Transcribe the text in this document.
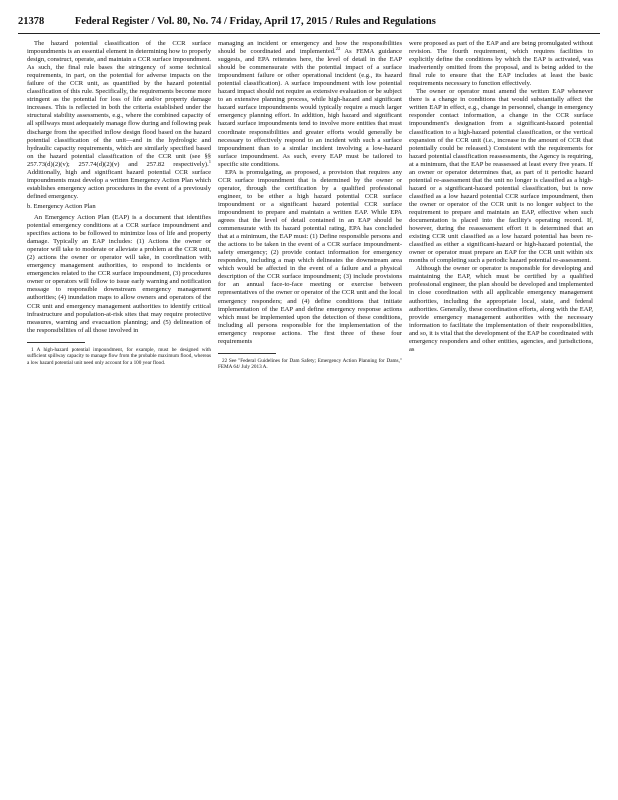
21378	Federal Register / Vol. 80, No. 74 / Friday, April 17, 2015 / Rules and Regulations

The hazard potential classification of the CCR surface impoundments is an essential element in determining how to properly design, construct, operate, and maintain a CCR surface impoundment. As such, the final rule bases the stringency of some technical requirements, in part, on the potential for adverse impacts on the failure of the CCR unit, as quantified by the hazard potential classification of this rule. Specifically, the requirements become more stringent as the potential for loss of life and/or property damage increases. This is reflected in both the criteria established under the structural stability assessments, e.g., where the combined capacity of all spillways must adequately manage flow during and following peak discharge from the specified inflow design flood based on the hazard potential classification of the unit—and in the hydrologic and hydraulic capacity requirements, which are similarly specified based on the hazard potential classification of the CCR unit (see §§ 257.73(d)(2)(v); 257.74(d)(2)(v) and 257.82 respectively).$^1$ Additionally, high and significant hazard potential CCR surface impoundments must develop a written Emergency Action Plan which establishes emergency action procedures in the event of a previously defined emergency.

b. Emergency Action Plan

An Emergency Action Plan (EAP) is a document that identifies potential emergency conditions at a CCR surface impoundment and specifies actions to be followed to minimize loss of life and property damage. Typically an EAP includes: (1) Actions the owner or operator will take to moderate or alleviate a problem at the CCR unit, (2) actions the owner or operator will take, in coordination with emergency management authorities, to respond to incidents or emergencies related to the CCR surface impoundment, (3) procedures owner or operators will follow to issue early warning and notification message to responsible downstream emergency management authorities; (4) inundation maps to allow owners and operators of the CCR unit and emergency management authorities to identify critical infrastructure and population-at-risk sites that may require protective measures, warning and evacuation planning; and (5) delineation of the responsibilities of all those involved in

1 A high-hazard potential impoundment, for example, must be designed with sufficient spillway capacity to manage flow from the probable maximum flood, whereas a low hazard potential unit need only account for a 100 year flood.

managing an incident or emergency and how the responsibilities should be coordinated and implemented.$^{22}$ As FEMA guidance suggests, and EPA reiterates here, the level of detail in the EAP should be commensurate with the potential impact of a surface impoundment failure or other operational incident (e.g., its hazard potential classification). A surface impoundment with low potential hazard impact should not require as extensive evaluation or be subject to an extensive planning process, while high-hazard and significant hazard surface impoundments would typically require a much larger emergency planning effort. In addition, high hazard and significant hazard surface impoundments tend to involve more entities that must coordinate responsibilities and greater efforts would generally be necessary to effectively respond to an incident with such a surface impoundment than to a similar incident involving a low-hazard surface impoundment. As such, every EAP must be tailored to specific site conditions.

EPA is promulgating, as proposed, a provision that requires any CCR surface impoundment that is determined by the owner or operator, through the certification by a qualified professional engineer, to be either a high hazard potential CCR surface impoundment or a significant hazard potential CCR surface impoundment to prepare and maintain a written EAP. While EPA agrees that the level of detail contained in an EAP should be commensurate with its hazard potential rating, EPA has concluded that at a minimum, the EAP must: (1) Define responsible persons and the actions to be taken in the event of a CCR surface impoundment-safety emergency; (2) provide contact information for emergency responders, including a map which delineates the downstream area which would be affected in the event of a failure and a physical description of the CCR surface impoundment; (3) include provisions for an annual face-to-face meeting or exercise between representatives of the owner or operator of the CCR unit and the local emergency responders; and (4) define conditions that initiate implementation of the EAP and define emergency response actions which must be implemented upon the detection of these conditions, including all persons responsible for the implementation of the emergency response actions. The first three of these four requirements

22 See "Federal Guidelines for Dam Safety; Emergency Action Planning for Dams," FEMA 64/ July 2013 A.

were proposed as part of the EAP and are being promulgated without revision. The fourth requirement, which requires facilities to explicitly define the conditions by which the EAP is activated, was inadvertently omitted from the proposal, and is being added to the final rule to ensure that the EAP includes at least the basic requirements necessary to function effectively.

The owner or operator must amend the written EAP whenever there is a change in conditions that would substantially affect the written EAP in effect, e.g., change in personnel, change in emergency responder contact information, a change in the CCR surface impoundment's designation from a significant-hazard potential classification to a high-hazard potential classification, or the vertical expansion of the CCR unit (i.e., increase in the amount of CCR that potentially could be released.) Consistent with the requirements for hazard potential classification reassessments, the Agency is requiring, at a minimum, that the EAP be reassessed at least every five years. If an owner or operator determines that, as part of it periodic hazard potential re-assessment that the unit no longer is classified as a high-hazard or a significant-hazard potential classification, but is now classified as a low hazard potential CCR surface impoundment, then the owner or operator of the CCR unit is no longer subject to the requirement to prepare and maintain an EAP, effective when such documentation is placed into the facility's operating record. If, however, during the reassessment effort it is determined that an existing CCR unit classified as a low hazard potential has been re-classified as either a significant-hazard or high-hazard potential, the owner or operator must prepare an EAP for the CCR unit within six months of completing such a periodic hazard potential re-assessment.

Although the owner or operator is responsible for developing and maintaining the EAP, which must be certified by a qualified professional engineer, the plan should be developed and implemented in close coordination with all applicable emergency management authorities, including the appropriate local, state, and federal authorities. Generally, these coordination efforts, along with the EAP, provide emergency management authorities with the necessary information to facilitate the implementation of their responsibilities, and so, it is vital that the development of the EAP be coordinated with emergency responders and other entities, agencies, and jurisdictions, as
